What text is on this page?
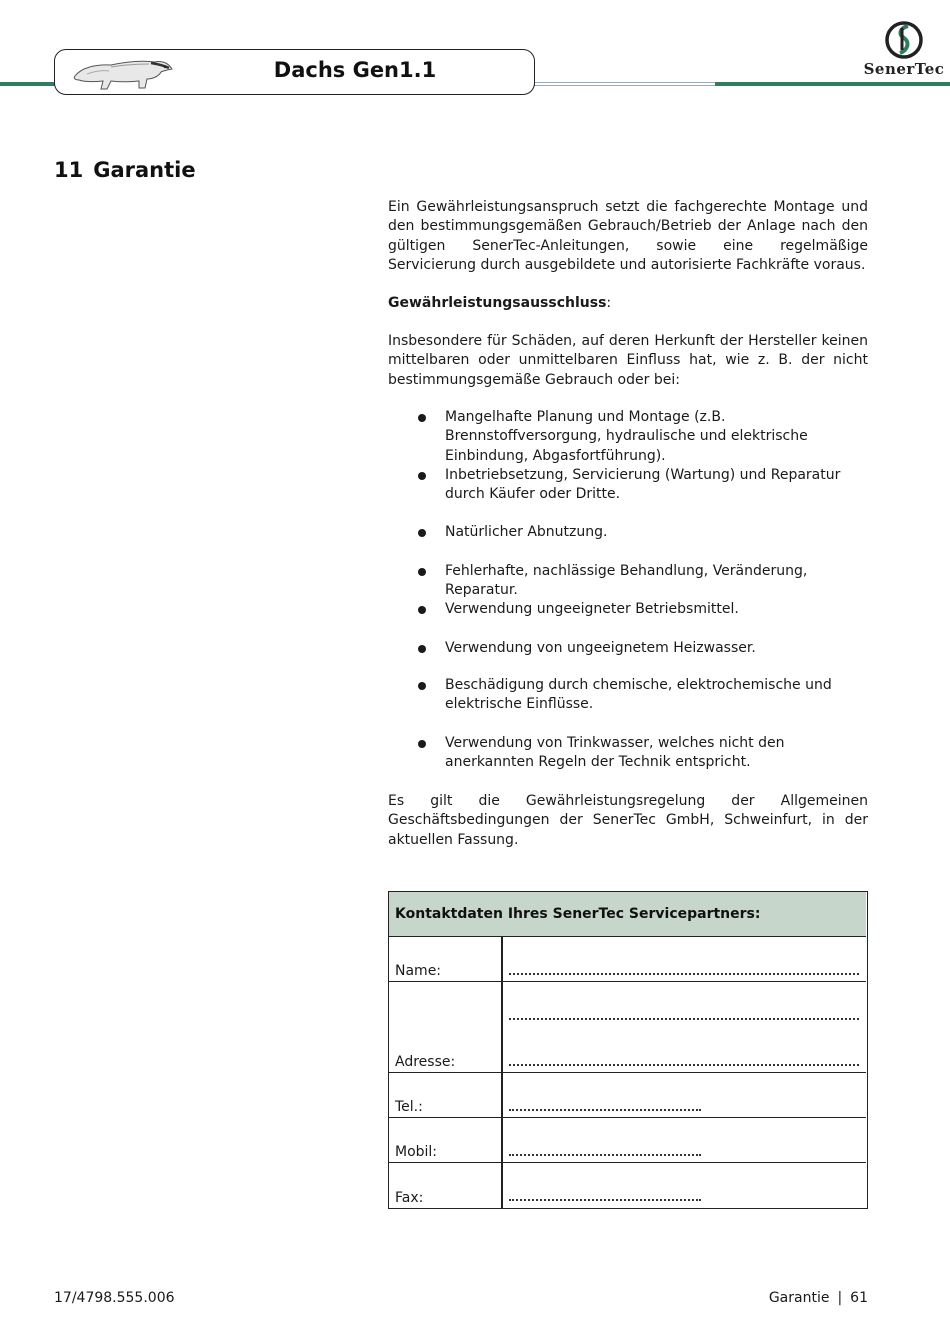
Dachs Gen1.1	SenerTec
11 Garantie

Ein Gewährleistungsanspruch setzt die fachgerechte Montage und den bestimmungsgemäßen Gebrauch/Betrieb der Anlage nach den gültigen SenerTec-Anleitungen, sowie eine regelmäßige Servicierung durch ausgebildete und autorisierte Fachkräfte voraus.

Gewährleistungsausschluss:

Insbesondere für Schäden, auf deren Herkunft der Hersteller keinen mittelbaren oder unmittelbaren Einfluss hat, wie z. B. der nicht bestimmungsgemäße Gebrauch oder bei:

Mangelhafte Planung und Montage (z.B. Brennstoffversorgung, hydraulische und elektrische Einbindung, Abgasfortführung).
Inbetriebsetzung, Servicierung (Wartung) und Reparatur durch Käufer oder Dritte.
Natürlicher Abnutzung.
Fehlerhafte, nachlässige Behandlung, Veränderung, Reparatur.
Verwendung ungeeigneter Betriebsmittel.
Verwendung von ungeeignetem Heizwasser.
Beschädigung durch chemische, elektrochemische und elektrische Einflüsse.
Verwendung von Trinkwasser, welches nicht den anerkannten Regeln der Technik entspricht.

Es gilt die Gewährleistungsregelung der Allgemeinen Geschäftsbedingungen der SenerTec GmbH, Schweinfurt, in der aktuellen Fassung.

Kontaktdaten Ihres SenerTec Servicepartners:
Name:
Adresse:
Tel.:
Mobil:
Fax:
17/4798.555.006	Garantie | 61
